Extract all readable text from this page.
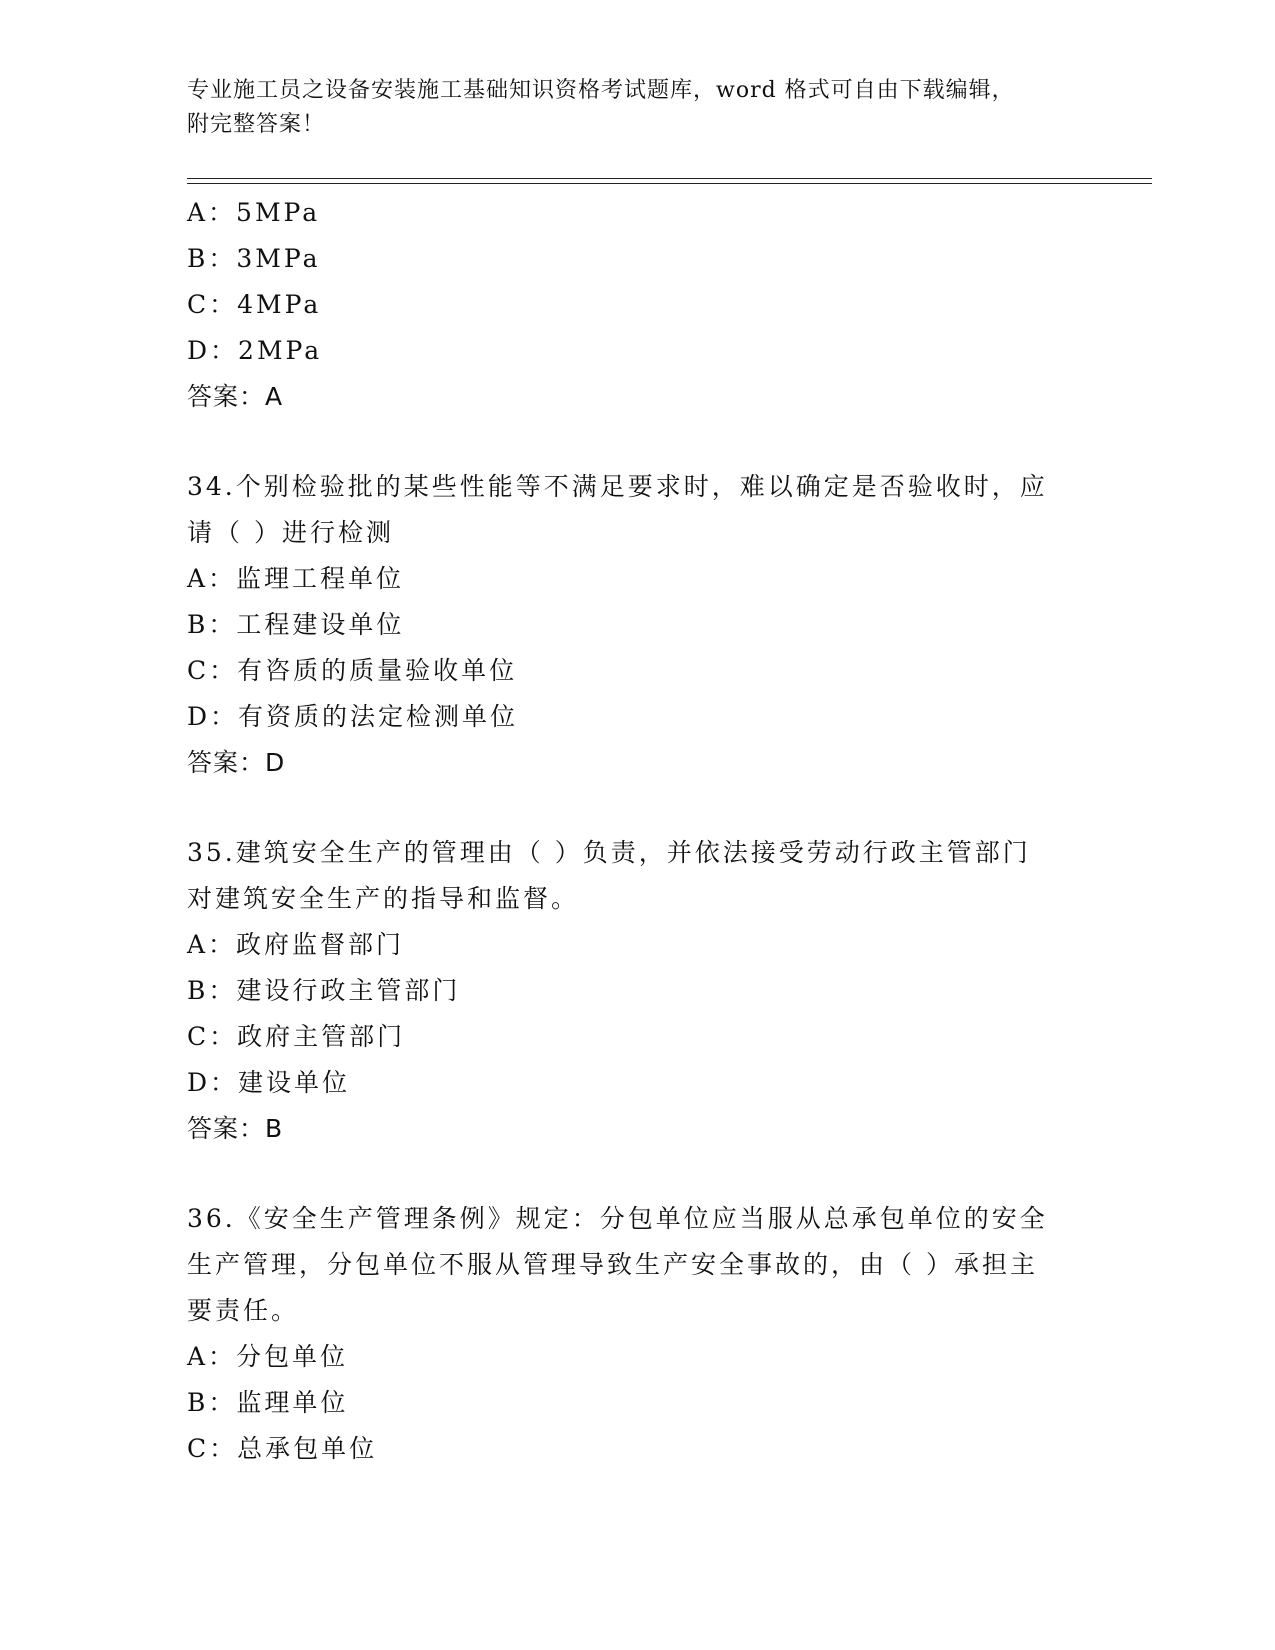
专业施工员之设备安装施工基础知识资格考试题库，word 格式可自由下载编辑，
附完整答案！
A：5MPa
B：3MPa
C：4MPa
D：2MPa
答案：A
34.个别检验批的某些性能等不满足要求时，难以确定是否验收时，应
请（ ）进行检测
A：监理工程单位
B：工程建设单位
C：有咨质的质量验收单位
D：有资质的法定检测单位
答案：D
35.建筑安全生产的管理由（ ）负责，并依法接受劳动行政主管部门
对建筑安全生产的指导和监督。
A：政府监督部门
B：建设行政主管部门
C：政府主管部门
D：建设单位
答案：B
36.《安全生产管理条例》规定：分包单位应当服从总承包单位的安全
生产管理，分包单位不服从管理导致生产安全事故的，由（ ）承担主
要责任。
A：分包单位
B：监理单位
C：总承包单位
